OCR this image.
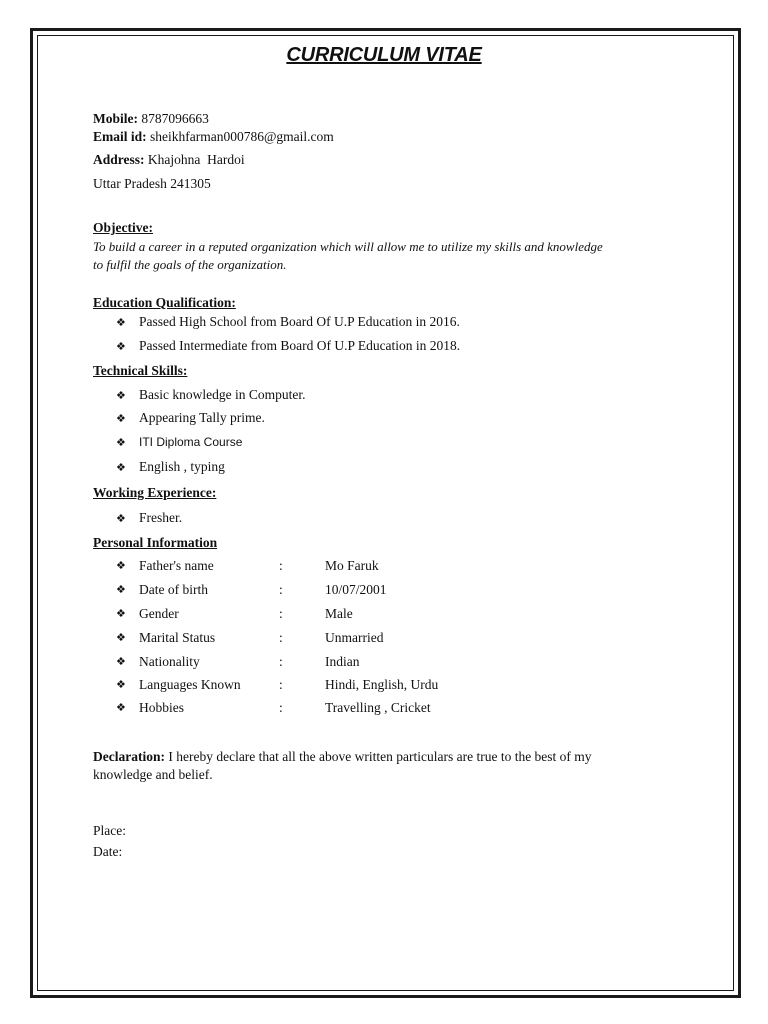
CURRICULUM VITAE
Mobile: 8787096663
Email id: sheikhfarman000786@gmail.com
Address: Khajohna  Hardoi
Uttar Pradesh 241305
Objective:
To build a career in a reputed organization which will allow me to utilize my skills and knowledge
to fulfil the goals of the organization.
Education Qualification:
❖ Passed High School from Board Of U.P Education in 2016.
❖ Passed Intermediate from Board Of U.P Education in 2018.
Technical Skills:
❖ Basic knowledge in Computer.
❖ Appearing Tally prime.
❖ ITI Diploma Course
❖ English , typing
Working Experience:
❖ Fresher.
Personal Information
❖ Father's name	:	Mo Faruk
❖ Date of birth	:	10/07/2001
❖ Gender	:	Male
❖ Marital Status	:	Unmarried
❖ Nationality	:	Indian
❖ Languages Known	:	Hindi, English, Urdu
❖ Hobbies	:	Travelling , Cricket
Declaration: I hereby declare that all the above written particulars are true to the best of my
knowledge and belief.
Place:
Date:
